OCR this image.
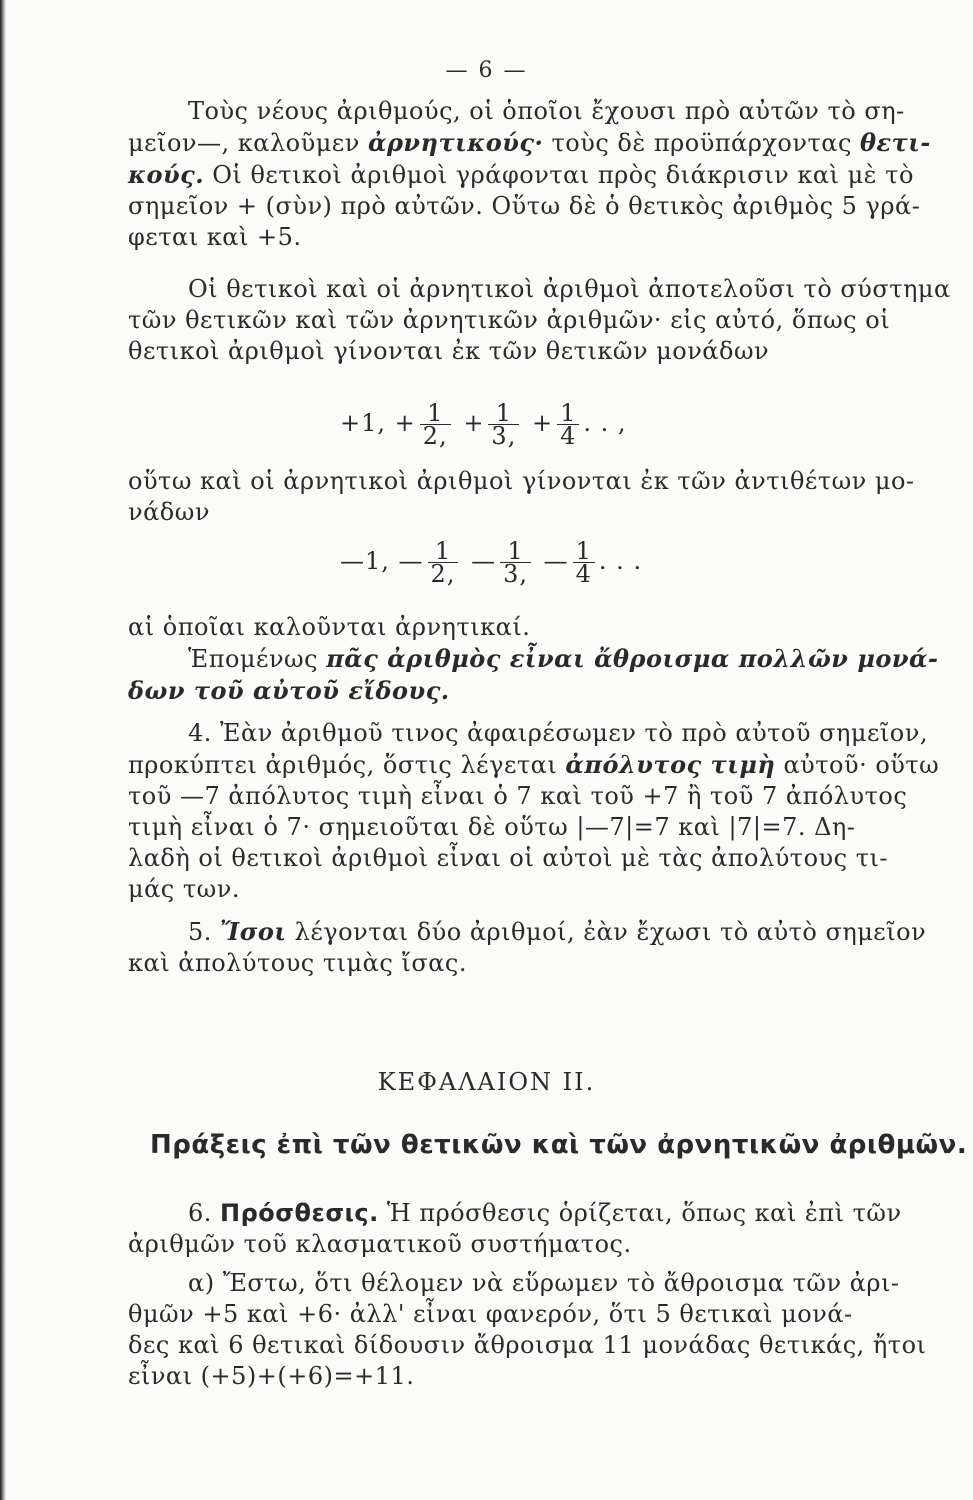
— 6 —

Τοὺς νέους ἀριθμούς, οἱ ὁποῖοι ἔχουσι πρὸ αὐτῶν τὸ ση-

μεῖον—, καλοῦμεν ἀρνητικούς· τοὺς δὲ προϋπάρχοντας θετι-

κούς. Οἱ θετικοὶ ἀριθμοὶ γράφονται πρὸς διάκρισιν καὶ μὲ τὸ

σημεῖον + (σὺν) πρὸ αὐτῶν. Οὕτω δὲ ὁ θετικὸς ἀριθμὸς 5 γρά-

φεται καὶ +5.

Οἱ θετικοὶ καὶ οἱ ἀρνητικοὶ ἀριθμοὶ ἀποτελοῦσι τὸ σύστημα

τῶν θετικῶν καὶ τῶν ἀρνητικῶν ἀριθμῶν· εἰς αὐτό, ὅπως οἱ

θετικοὶ ἀριθμοὶ γίνονται ἐκ τῶν θετικῶν μονάδων

+1, + $\frac{1}{2,} + \frac{1}{3,} + \frac{1}{4}$ . . ,

οὕτω καὶ οἱ ἀρνητικοὶ ἀριθμοὶ γίνονται ἐκ τῶν ἀντιθέτων μο-

νάδων

—1, — $\frac{1}{2,}$ — $\frac{1}{3,}$ — $\frac{1}{4}$ . . .

αἱ ὁποῖαι καλοῦνται ἀρνητικαί.

Ἑπομένως πᾶς ἀριθμὸς εἶναι ἄθροισμα πολλῶν μονά-

δων τοῦ αὐτοῦ εἴδους.

4. Ἐὰν ἀριθμοῦ τινος ἀφαιρέσωμεν τὸ πρὸ αὐτοῦ σημεῖον,

προκύπτει ἀριθμός, ὅστις λέγεται ἀπόλυτος τιμὴ αὐτοῦ· οὕτω

τοῦ —7 ἀπόλυτος τιμὴ εἶναι ὁ 7 καὶ τοῦ +7 ἢ τοῦ 7 ἀπόλυτος

τιμὴ εἶναι ὁ 7· σημειοῦται δὲ οὕτω |—7|=7 καὶ |7|=7. Δη-

λαδὴ οἱ θετικοὶ ἀριθμοὶ εἶναι οἱ αὐτοὶ μὲ τὰς ἀπολύτους τι-

μάς των.

5. Ἴσοι λέγονται δύο ἀριθμοί, ἐὰν ἔχωσι τὸ αὐτὸ σημεῖον

καὶ ἀπολύτους τιμὰς ἴσας.

ΚΕΦΑΛΑΙΟΝ ΙΙ.
Πράξεις ἐπὶ τῶν θετικῶν καὶ τῶν ἀρνητικῶν ἀριθμῶν.

6. Πρόσθεσις. Ἡ πρόσθεσις ὁρίζεται, ὅπως καὶ ἐπὶ τῶν

ἀριθμῶν τοῦ κλασματικοῦ συστήματος.

α) Ἔστω, ὅτι θέλομεν νὰ εὕρωμεν τὸ ἄθροισμα τῶν ἀρι-

θμῶν +5 καὶ +6· ἀλλ' εἶναι φανερόν, ὅτι 5 θετικαὶ μονά-

δες καὶ 6 θετικαὶ δίδουσιν ἄθροισμα 11 μονάδας θετικάς, ἤτοι

εἶναι (+5)+(+6)=+11.
